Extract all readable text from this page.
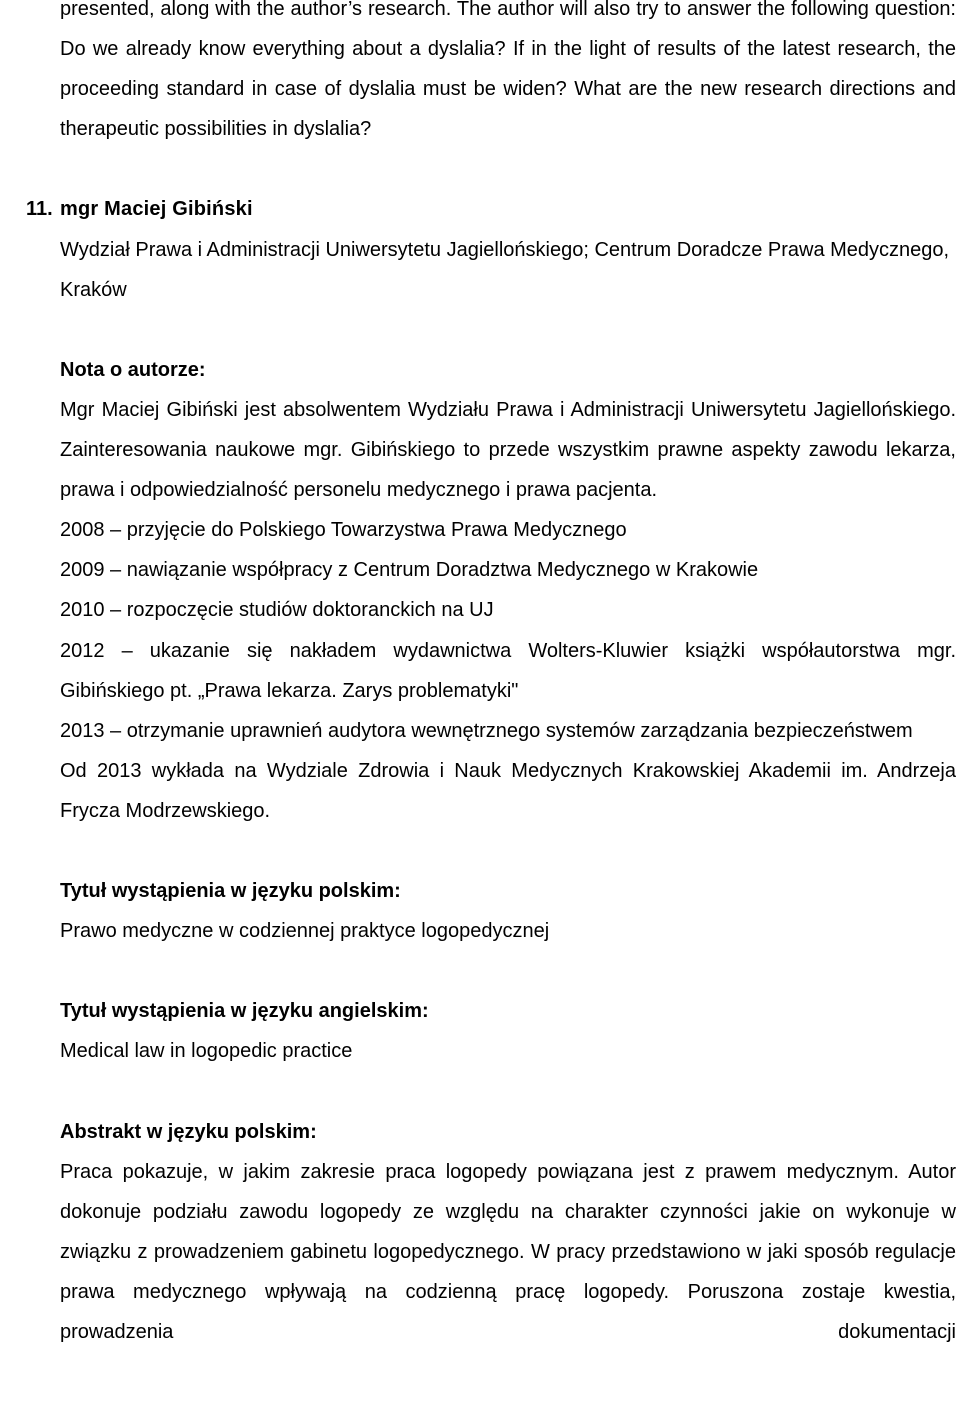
presented, along with the author’s research. The author will also try to answer the following question: Do we already know everything about a dyslalia? If in the light of results of the latest research, the proceeding standard in case of dyslalia must be widen? What are the new research directions and therapeutic possibilities in dyslalia?

11. mgr Maciej Gibiński

Wydział Prawa i Administracji Uniwersytetu Jagiellońskiego; Centrum Doradcze Prawa Medycznego, Kraków

Nota o autorze:

Mgr Maciej Gibiński jest absolwentem Wydziału Prawa i Administracji Uniwersytetu Jagiellońskiego. Zainteresowania naukowe mgr. Gibińskiego to przede wszystkim prawne aspekty zawodu lekarza, prawa i odpowiedzialność personelu medycznego i prawa pacjenta.

2008 – przyjęcie do Polskiego Towarzystwa Prawa Medycznego

2009 – nawiązanie współpracy z Centrum Doradztwa Medycznego w Krakowie

2010 – rozpoczęcie studiów doktoranckich na UJ

2012 – ukazanie się nakładem wydawnictwa Wolters-Kluwier książki współautorstwa mgr. Gibińskiego pt. „Prawa lekarza. Zarys problematyki"

2013 – otrzymanie uprawnień audytora wewnętrznego systemów zarządzania bezpieczeństwem

Od 2013 wykłada na Wydziale Zdrowia i Nauk Medycznych Krakowskiej Akademii im. Andrzeja Frycza Modrzewskiego.

Tytuł wystąpienia w języku polskim:

Prawo medyczne w codziennej praktyce logopedycznej

Tytuł wystąpienia w języku angielskim:

Medical law in logopedic practice

Abstrakt w języku polskim:

Praca pokazuje, w jakim zakresie praca logopedy powiązana jest z prawem medycznym. Autor dokonuje podziału zawodu logopedy ze względu na charakter czynności jakie on wykonuje w związku z prowadzeniem gabinetu logopedycznego. W pracy przedstawiono w jaki sposób regulacje prawa medycznego wpływają na codzienną pracę logopedy. Poruszona zostaje kwestia, prowadzenia dokumentacji
